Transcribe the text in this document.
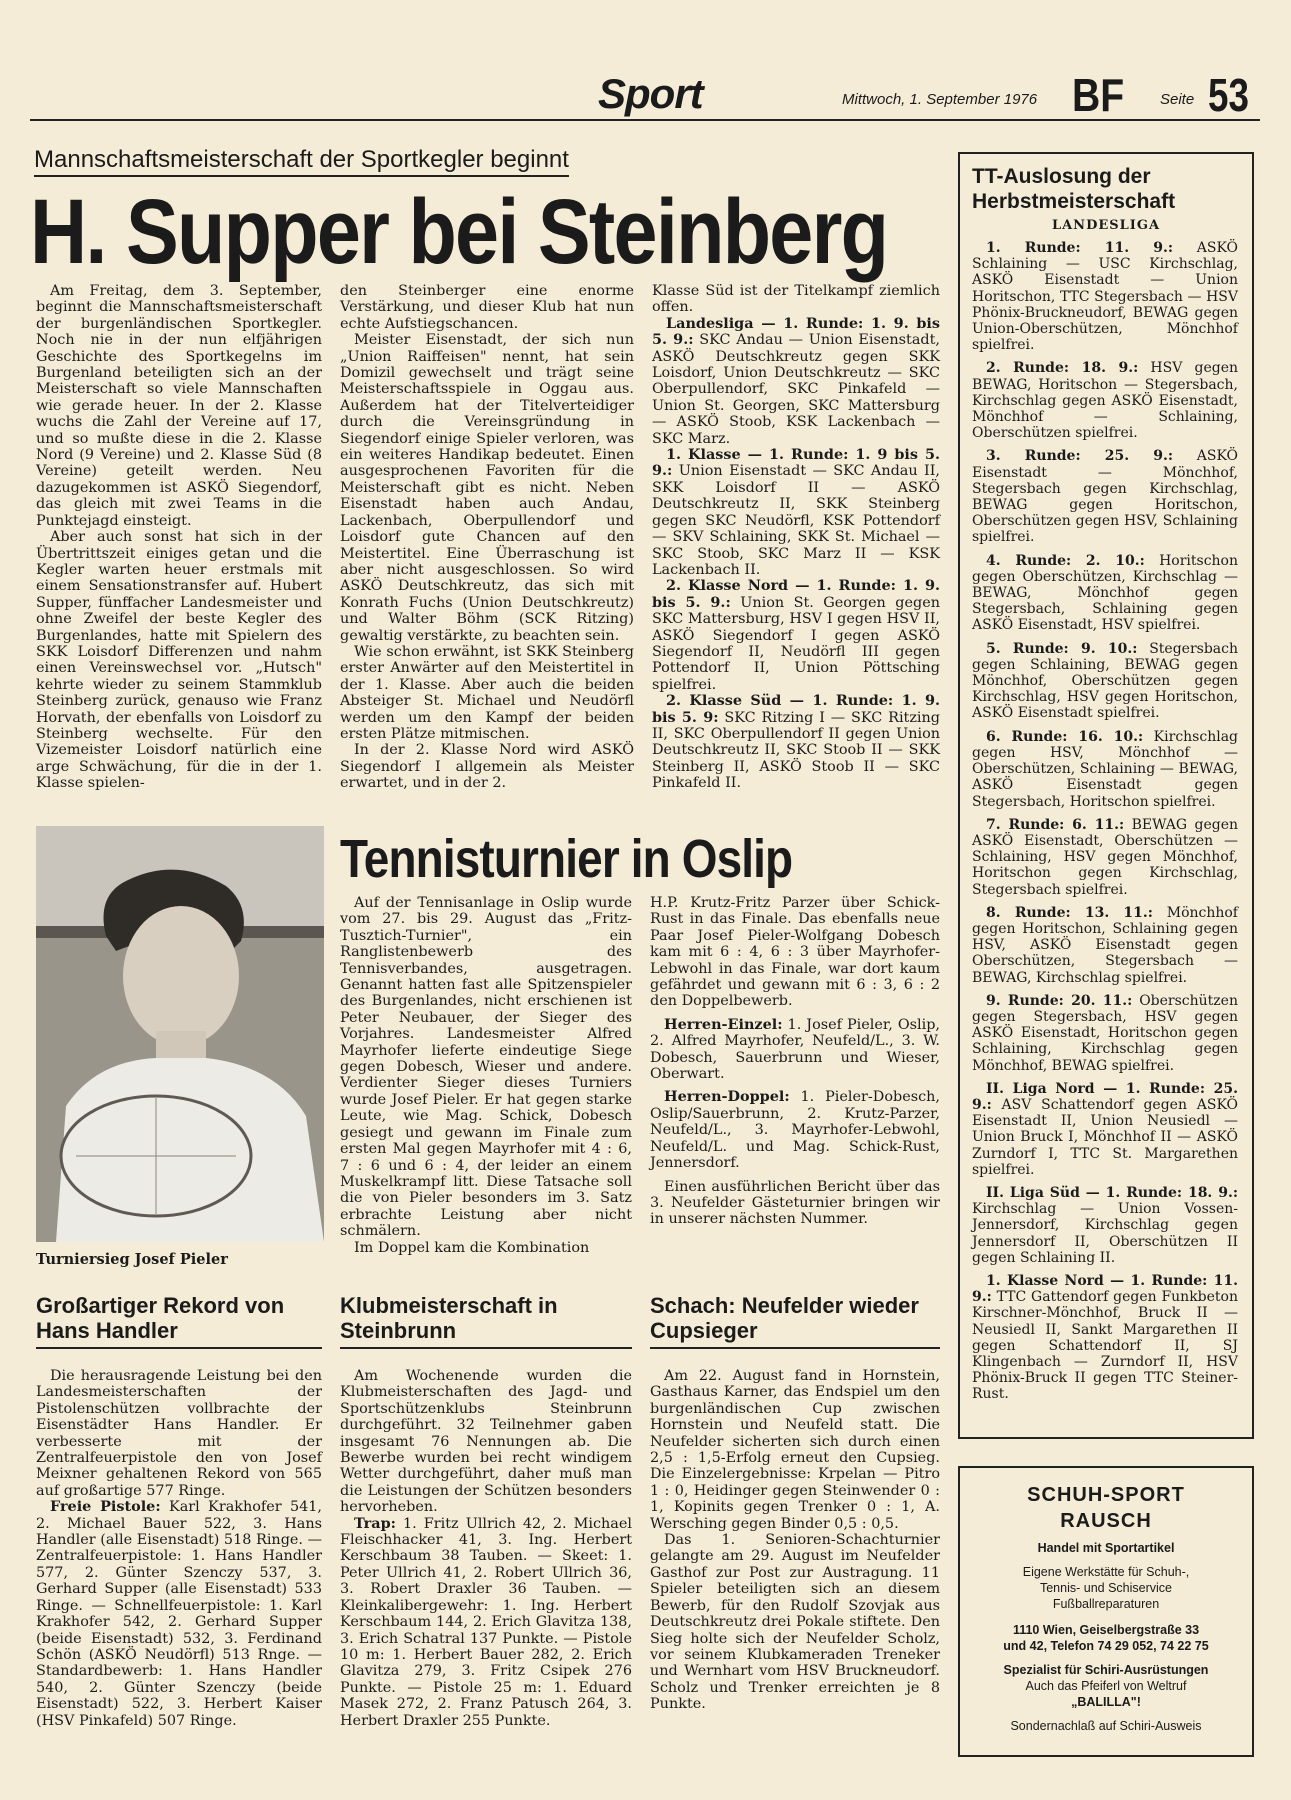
Sport	Mittwoch, 1. September 1976 BF Seite 53
Mannschaftsmeisterschaft der Sportkegler beginnt
H. Supper bei Steinberg

Am Freitag, dem 3. September, beginnt die Mannschaftsmeisterschaft der burgenländischen Sportkegler. Noch nie in der nun elfjährigen Geschichte des Sportkegelns im Burgenland beteiligten sich an der Meisterschaft so viele Mannschaften wie gerade heuer. In der 2. Klasse wuchs die Zahl der Vereine auf 17, und so mußte diese in die 2. Klasse Nord (9 Vereine) und 2. Klasse Süd (8 Vereine) geteilt werden. Neu dazugekommen ist ASKÖ Siegendorf, das gleich mit zwei Teams in die Punktejagd einsteigt.

Aber auch sonst hat sich in der Übertrittszeit einiges getan und die Kegler warten heuer erstmals mit einem Sensationstransfer auf. Hubert Supper, fünffacher Landesmeister und ohne Zweifel der beste Kegler des Burgenlandes, hatte mit Spielern des SKK Loisdorf Differenzen und nahm einen Vereinswechsel vor. „Hutsch" kehrte wieder zu seinem Stammklub Steinberg zurück, genauso wie Franz Horvath, der ebenfalls von Loisdorf zu Steinberg wechselte. Für den Vizemeister Loisdorf natürlich eine arge Schwächung, für die in der 1. Klasse spielen-

den Steinberger eine enorme Verstärkung, und dieser Klub hat nun echte Aufstiegschancen.

Meister Eisenstadt, der sich nun „Union Raiffeisen" nennt, hat sein Domizil gewechselt und trägt seine Meisterschaftsspiele in Oggau aus. Außerdem hat der Titelverteidiger durch die Vereinsgründung in Siegendorf einige Spieler verloren, was ein weiteres Handikap bedeutet. Einen ausgesprochenen Favoriten für die Meisterschaft gibt es nicht. Neben Eisenstadt haben auch Andau, Lackenbach, Oberpullendorf und Loisdorf gute Chancen auf den Meistertitel. Eine Überraschung ist aber nicht ausgeschlossen. So wird ASKÖ Deutschkreutz, das sich mit Konrath Fuchs (Union Deutschkreutz) und Walter Böhm (SCK Ritzing) gewaltig verstärkte, zu beachten sein.

Wie schon erwähnt, ist SKK Steinberg erster Anwärter auf den Meistertitel in der 1. Klasse. Aber auch die beiden Absteiger St. Michael und Neudörfl werden um den Kampf der beiden ersten Plätze mitmischen.

In der 2. Klasse Nord wird ASKÖ Siegendorf I allgemein als Meister erwartet, und in der 2.

Klasse Süd ist der Titelkampf ziemlich offen.

Landesliga — 1. Runde: 1. 9. bis 5. 9.: SKC Andau — Union Eisenstadt, ASKÖ Deutschkreutz gegen SKK Loisdorf, Union Deutschkreutz — SKC Oberpullendorf, SKC Pinkafeld — Union St. Georgen, SKC Mattersburg — ASKÖ Stoob, KSK Lackenbach — SKC Marz.

1. Klasse — 1. Runde: 1. 9 bis 5. 9.: Union Eisenstadt — SKC Andau II, SKK Loisdorf II — ASKÖ Deutschkreutz II, SKK Steinberg gegen SKC Neudörfl, KSK Pottendorf — SKV Schlaining, SKK St. Michael — SKC Stoob, SKC Marz II — KSK Lackenbach II.

2. Klasse Nord — 1. Runde: 1. 9. bis 5. 9.: Union St. Georgen gegen SKC Mattersburg, HSV I gegen HSV II, ASKÖ Siegendorf I gegen ASKÖ Siegendorf II, Neudörfl III gegen Pottendorf II, Union Pöttsching spielfrei.

2. Klasse Süd — 1. Runde: 1. 9. bis 5. 9: SKC Ritzing I — SKC Ritzing II, SKC Oberpullendorf II gegen Union Deutschkreutz II, SKC Stoob II — SKK Steinberg II, ASKÖ Stoob II — SKC Pinkafeld II.

Turniersieg Josef Pieler
Tennisturnier in Oslip

Auf der Tennisanlage in Oslip wurde vom 27. bis 29. August das „Fritz-Tusztich-Turnier", ein Ranglistenbewerb des Tennisverbandes, ausgetragen. Genannt hatten fast alle Spitzenspieler des Burgenlandes, nicht erschienen ist Peter Neubauer, der Sieger des Vorjahres. Landesmeister Alfred Mayrhofer lieferte eindeutige Siege gegen Dobesch, Wieser und andere. Verdienter Sieger dieses Turniers wurde Josef Pieler. Er hat gegen starke Leute, wie Mag. Schick, Dobesch gesiegt und gewann im Finale zum ersten Mal gegen Mayrhofer mit 4 : 6, 7 : 6 und 6 : 4, der leider an einem Muskelkrampf litt. Diese Tatsache soll die von Pieler besonders im 3. Satz erbrachte Leistung aber nicht schmälern.

Im Doppel kam die Kombination

H.P. Krutz-Fritz Parzer über Schick-Rust in das Finale. Das ebenfalls neue Paar Josef Pieler-Wolfgang Dobesch kam mit 6 : 4, 6 : 3 über Mayrhofer-Lebwohl in das Finale, war dort kaum gefährdet und gewann mit 6 : 3, 6 : 2 den Doppelbewerb.

Herren-Einzel: 1. Josef Pieler, Oslip, 2. Alfred Mayrhofer, Neufeld/L., 3. W. Dobesch, Sauerbrunn und Wieser, Oberwart.

Herren-Doppel: 1. Pieler-Dobesch, Oslip/Sauerbrunn, 2. Krutz-Parzer, Neufeld/L., 3. Mayrhofer-Lebwohl, Neufeld/L. und Mag. Schick-Rust, Jennersdorf.

Einen ausführlichen Bericht über das 3. Neufelder Gästeturnier bringen wir in unserer nächsten Nummer.

Großartiger Rekord von Hans Handler

Die herausragende Leistung bei den Landesmeisterschaften der Pistolenschützen vollbrachte der Eisenstädter Hans Handler. Er verbesserte mit der Zentralfeuerpistole den von Josef Meixner gehaltenen Rekord von 565 auf großartige 577 Ringe.

Freie Pistole: Karl Krakhofer 541, 2. Michael Bauer 522, 3. Hans Handler (alle Eisenstadt) 518 Ringe. — Zentralfeuerpistole: 1. Hans Handler 577, 2. Günter Szenczy 537, 3. Gerhard Supper (alle Eisenstadt) 533 Ringe. — Schnellfeuerpistole: 1. Karl Krakhofer 542, 2. Gerhard Supper (beide Eisenstadt) 532, 3. Ferdinand Schön (ASKÖ Neudörfl) 513 Rnge. — Standardbewerb: 1. Hans Handler 540, 2. Günter Szenczy (beide Eisenstadt) 522, 3. Herbert Kaiser (HSV Pinkafeld) 507 Ringe.

Klubmeisterschaft in Steinbrunn

Am Wochenende wurden die Klubmeisterschaften des Jagd- und Sportschützenklubs Steinbrunn durchgeführt. 32 Teilnehmer gaben insgesamt 76 Nennungen ab. Die Bewerbe wurden bei recht windigem Wetter durchgeführt, daher muß man die Leistungen der Schützen besonders hervorheben.

Trap: 1. Fritz Ullrich 42, 2. Michael Fleischhacker 41, 3. Ing. Herbert Kerschbaum 38 Tauben. — Skeet: 1. Peter Ullrich 41, 2. Robert Ullrich 36, 3. Robert Draxler 36 Tauben. — Kleinkalibergewehr: 1. Ing. Herbert Kerschbaum 144, 2. Erich Glavitza 138, 3. Erich Schatral 137 Punkte. — Pistole 10 m: 1. Herbert Bauer 282, 2. Erich Glavitza 279, 3. Fritz Csipek 276 Punkte. — Pistole 25 m: 1. Eduard Masek 272, 2. Franz Patusch 264, 3. Herbert Draxler 255 Punkte.

Schach: Neufelder wieder Cupsieger

Am 22. August fand in Hornstein, Gasthaus Karner, das Endspiel um den burgenländischen Cup zwischen Hornstein und Neufeld statt. Die Neufelder sicherten sich durch einen 2,5 : 1,5-Erfolg erneut den Cupsieg. Die Einzelergebnisse: Krpelan — Pitro 1 : 0, Heidinger gegen Steinwender 0 : 1, Kopinits gegen Trenker 0 : 1, A. Wersching gegen Binder 0,5 : 0,5.

Das 1. Senioren-Schachturnier gelangte am 29. August im Neufelder Gasthof zur Post zur Austragung. 11 Spieler beteiligten sich an diesem Bewerb, für den Rudolf Szovjak aus Deutschkreutz drei Pokale stiftete. Den Sieg holte sich der Neufelder Scholz, vor seinem Klubkameraden Treneker und Wernhart vom HSV Bruckneudorf. Scholz und Trenker erreichten je 8 Punkte.

TT-Auslosung der Herbstmeisterschaft
LANDESLIGA

1. Runde: 11. 9.: ASKÖ Schlaining — USC Kirchschlag, ASKÖ Eisenstadt — Union Horitschon, TTC Stegersbach — HSV Phönix-Bruckneudorf, BEWAG gegen Union-Oberschützen, Mönchhof spielfrei.

2. Runde: 18. 9.: HSV gegen BEWAG, Horitschon — Stegersbach, Kirchschlag gegen ASKÖ Eisenstadt, Mönchhof — Schlaining, Oberschützen spielfrei.

3. Runde: 25. 9.: ASKÖ Eisenstadt — Mönchhof, Stegersbach gegen Kirchschlag, BEWAG gegen Horitschon, Oberschützen gegen HSV, Schlaining spielfrei.

4. Runde: 2. 10.: Horitschon gegen Oberschützen, Kirchschlag — BEWAG, Mönchhof gegen Stegersbach, Schlaining gegen ASKÖ Eisenstadt, HSV spielfrei.

5. Runde: 9. 10.: Stegersbach gegen Schlaining, BEWAG gegen Mönchhof, Oberschützen gegen Kirchschlag, HSV gegen Horitschon, ASKÖ Eisenstadt spielfrei.

6. Runde: 16. 10.: Kirchschlag gegen HSV, Mönchhof — Oberschützen, Schlaining — BEWAG, ASKÖ Eisenstadt gegen Stegersbach, Horitschon spielfrei.

7. Runde: 6. 11.: BEWAG gegen ASKÖ Eisenstadt, Oberschützen — Schlaining, HSV gegen Mönchhof, Horitschon gegen Kirchschlag, Stegersbach spielfrei.

8. Runde: 13. 11.: Mönchhof gegen Horitschon, Schlaining gegen HSV, ASKÖ Eisenstadt gegen Oberschützen, Stegersbach — BEWAG, Kirchschlag spielfrei.

9. Runde: 20. 11.: Oberschützen gegen Stegersbach, HSV gegen ASKÖ Eisenstadt, Horitschon gegen Schlaining, Kirchschlag gegen Mönchhof, BEWAG spielfrei.

II. Liga Nord — 1. Runde: 25. 9.: ASV Schattendorf gegen ASKÖ Eisenstadt II, Union Neusiedl — Union Bruck I, Mönchhof II — ASKÖ Zurndorf I, TTC St. Margarethen spielfrei.

II. Liga Süd — 1. Runde: 18. 9.: Kirchschlag — Union Vossen-Jennersdorf, Kirchschlag gegen Jennersdorf II, Oberschützen II gegen Schlaining II.

1. Klasse Nord — 1. Runde: 11. 9.: TTC Gattendorf gegen Funkbeton Kirschner-Mönchhof, Bruck II — Neusiedl II, Sankt Margarethen II gegen Schattendorf II, SJ Klingenbach — Zurndorf II, HSV Phönix-Bruck II gegen TTC Steiner-Rust.

SCHUH-SPORT
RAUSCH
Handel mit Sportartikel
Eigene Werkstätte für Schuh-,
Tennis- und Schiservice
Fußballreparaturen
1110 Wien, Geiselbergstraße 33
und 42, Telefon 74 29 052, 74 22 75
Spezialist für Schiri-Ausrüstungen
Auch das Pfeiferl von Weltruf
„BALILLA"!
Sondernachlaß auf Schiri-Ausweis
